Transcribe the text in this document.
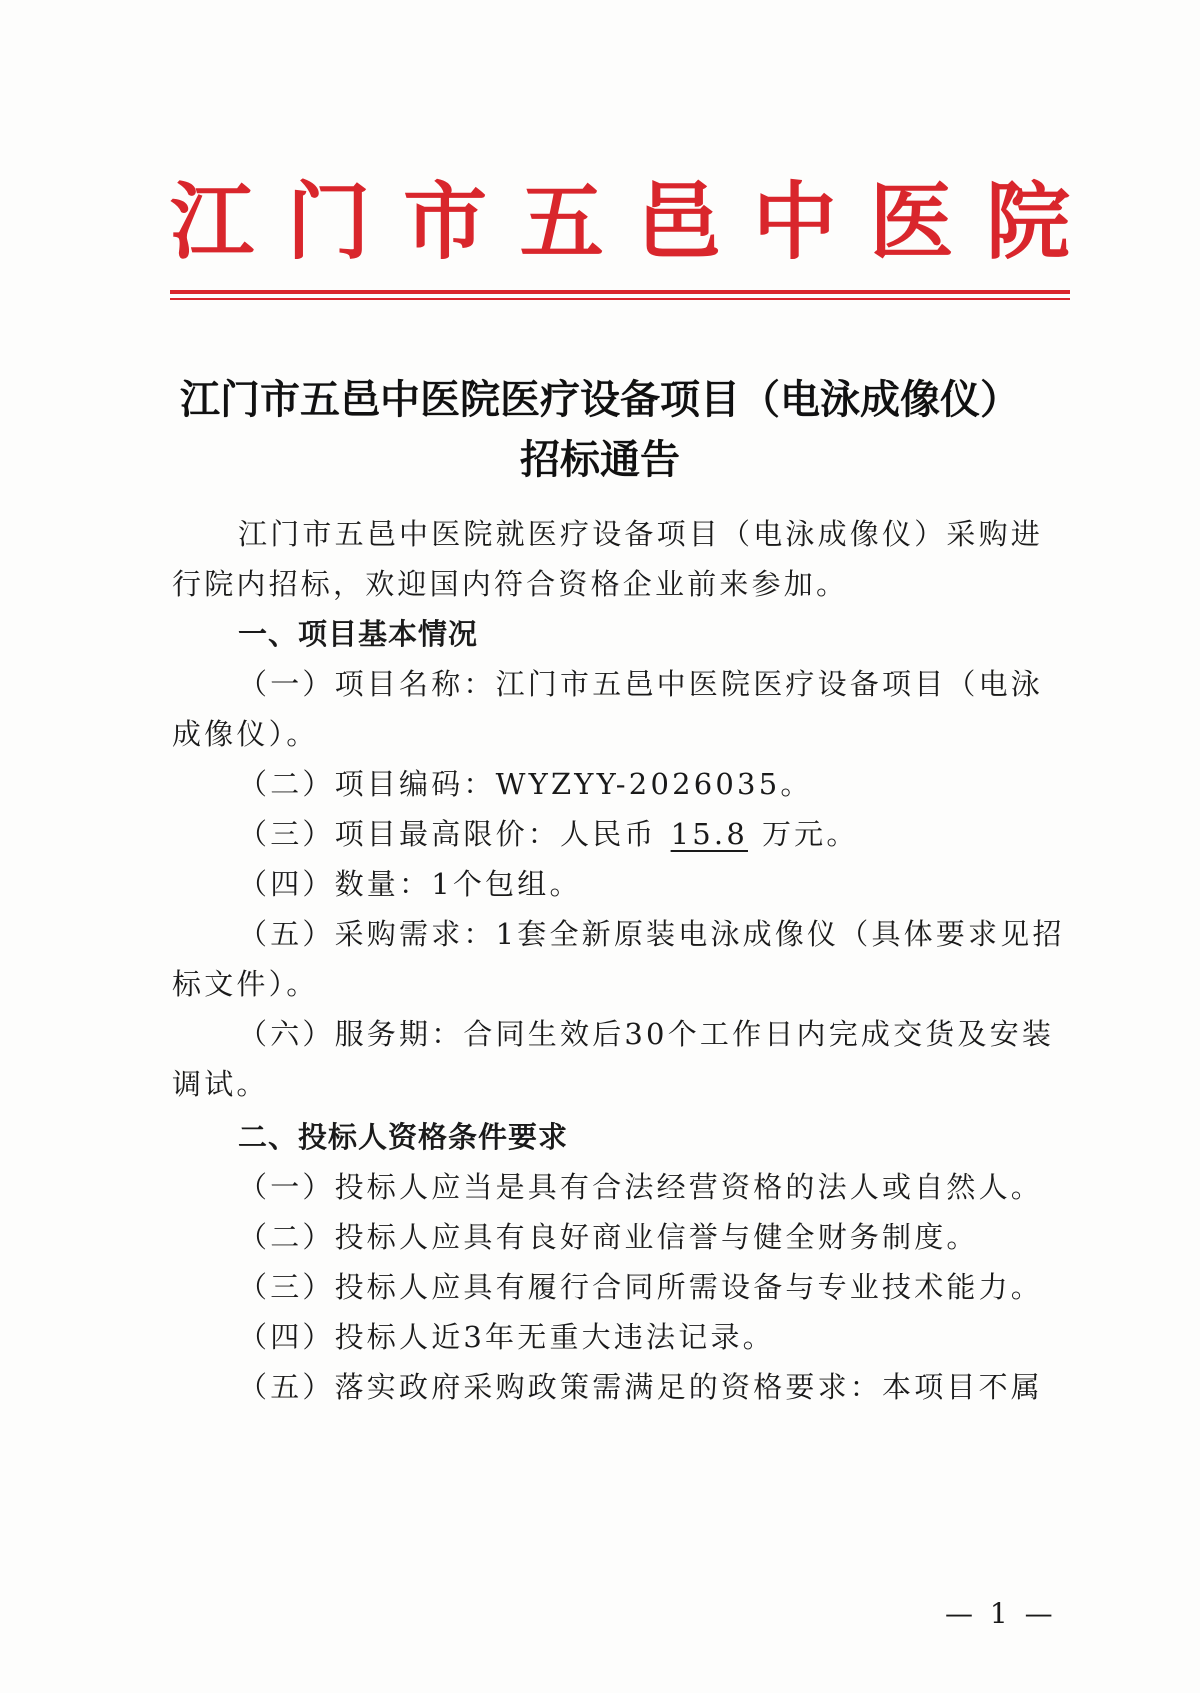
江 门 市 五 邑 中 医 院
江门市五邑中医院医疗设备项目（电泳成像仪）
招标通告
江门市五邑中医院就医疗设备项目（电泳成像仪）采购进
行院内招标，欢迎国内符合资格企业前来参加。
一、项目基本情况
（一）项目名称：江门市五邑中医院医疗设备项目（电泳
成像仪）。
（二）项目编码：WYZYY-2026035。
（三）项目最高限价：人民币 15.8 万元。
（四）数量：1个包组。
（五）采购需求：1套全新原装电泳成像仪（具体要求见招
标文件）。
（六）服务期：合同生效后30个工作日内完成交货及安装
调试。
二、投标人资格条件要求
（一）投标人应当是具有合法经营资格的法人或自然人。
（二）投标人应具有良好商业信誉与健全财务制度。
（三）投标人应具有履行合同所需设备与专业技术能力。
（四）投标人近3年无重大违法记录。
（五）落实政府采购政策需满足的资格要求：本项目不属
— 1 —
